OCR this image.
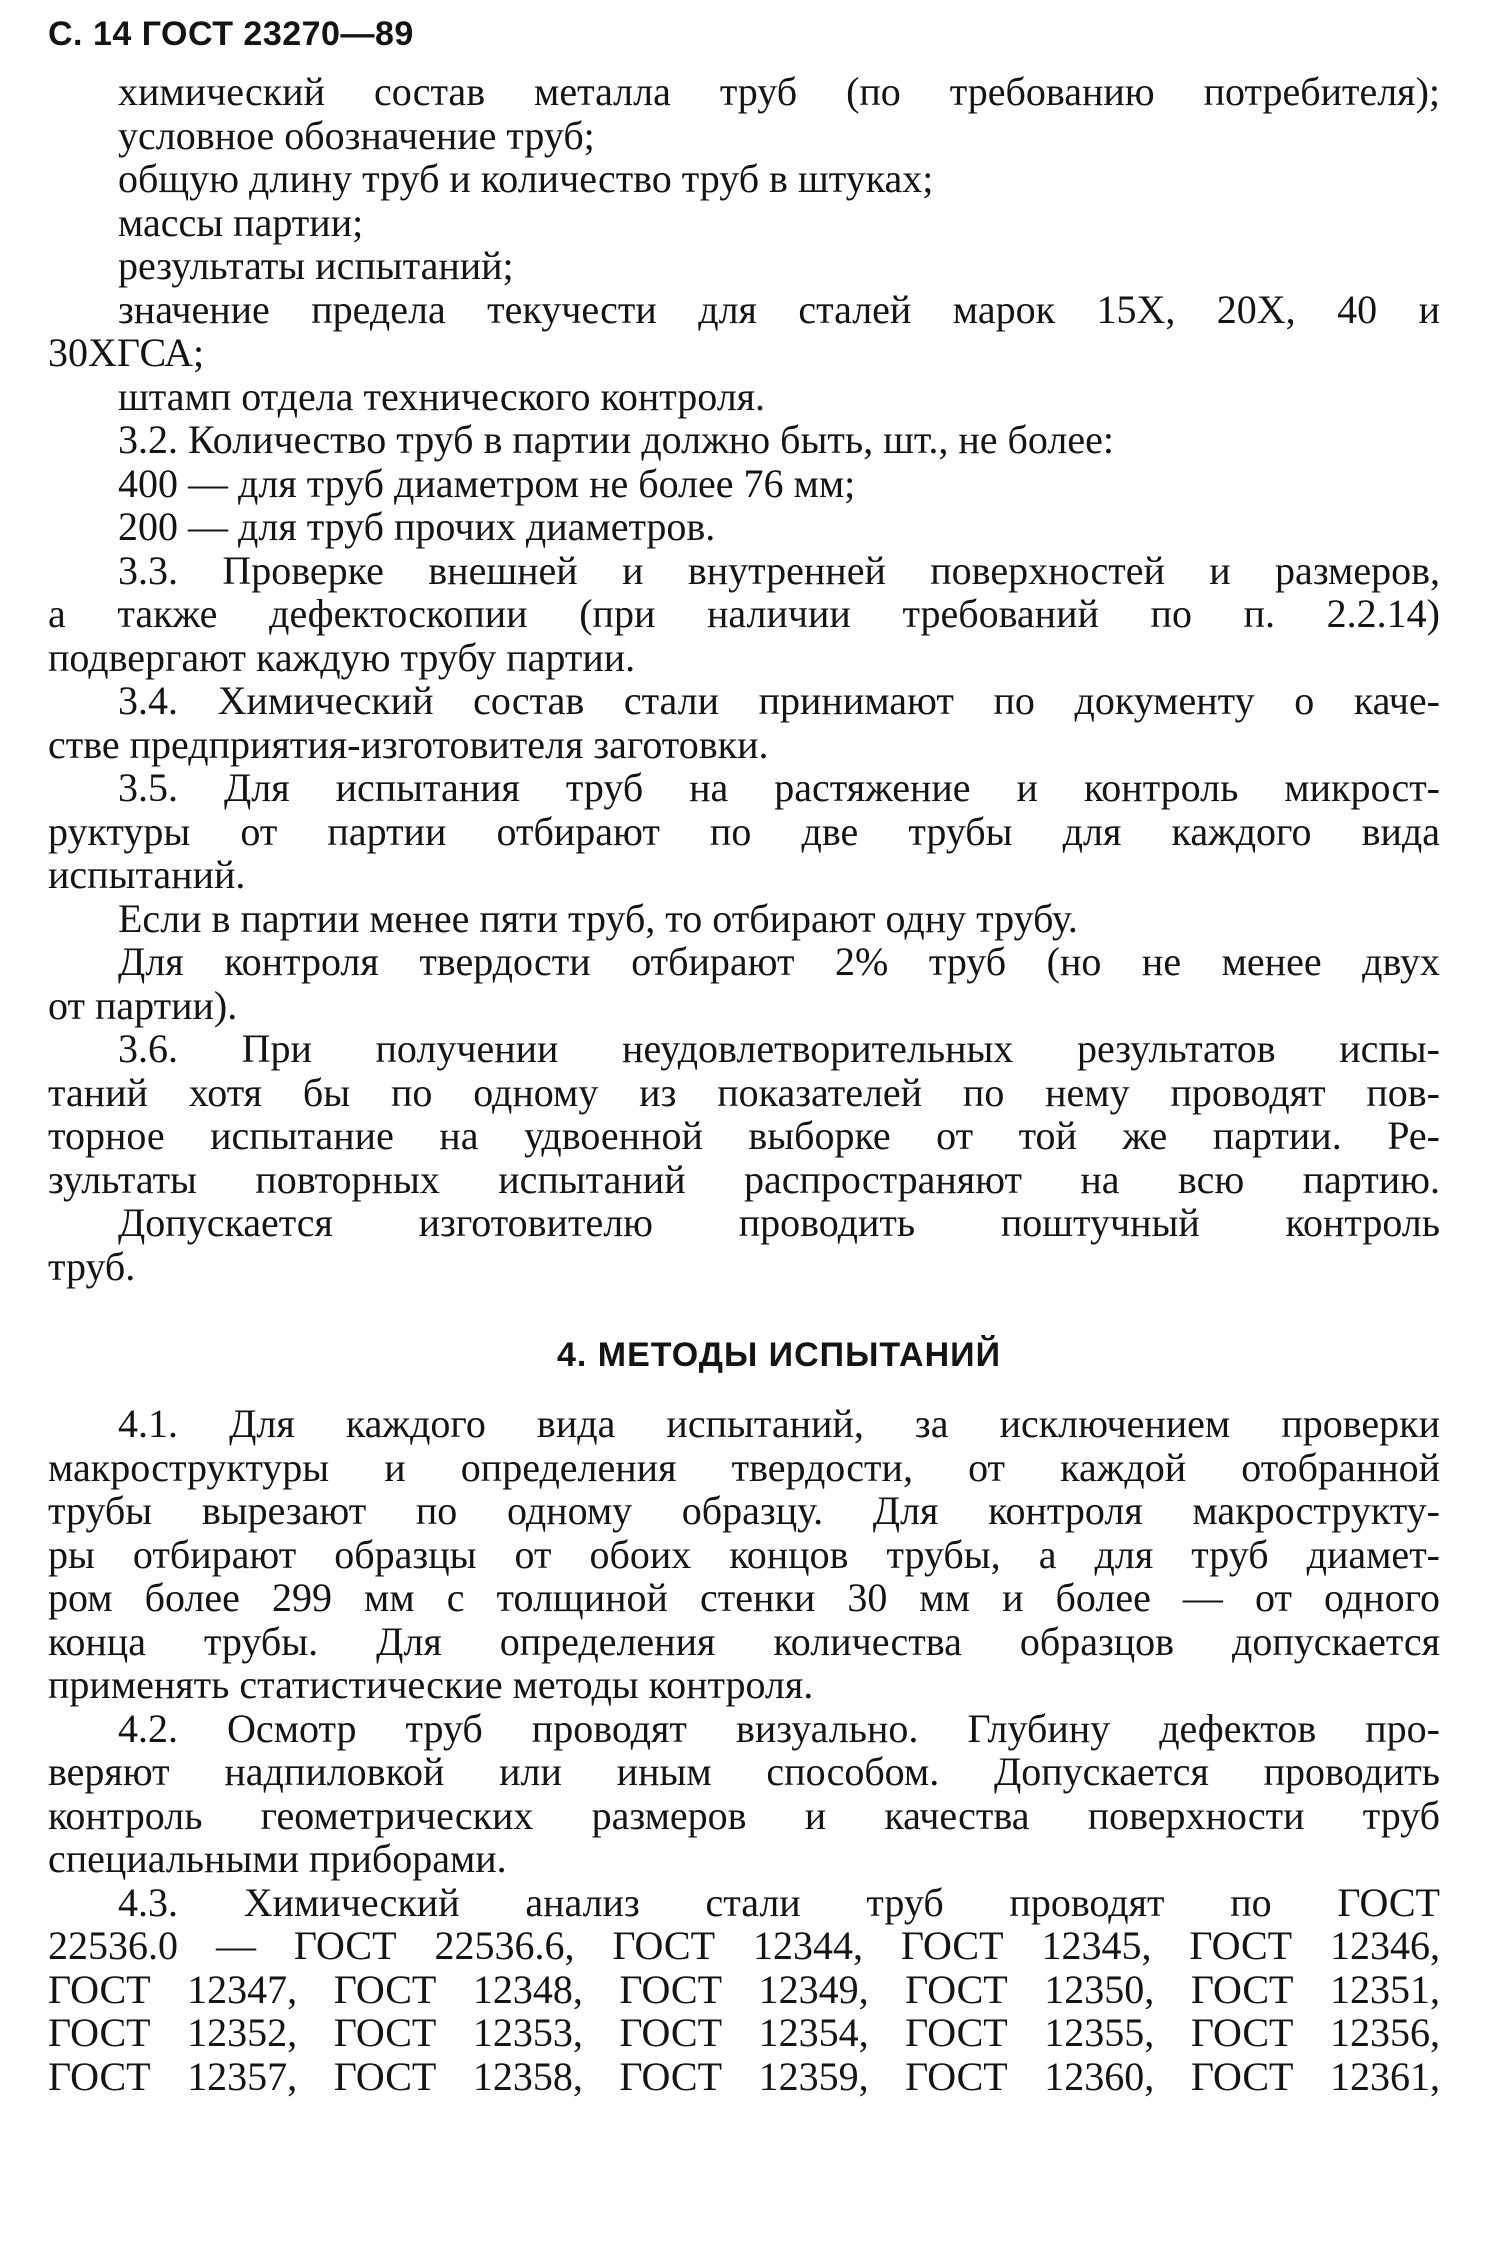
С. 14 ГОСТ 23270—89
химический состав металла труб (по требованию потребителя);
условное обозначение труб;
общую длину труб и количество труб в штуках;
массы партии;
результаты испытаний;
значение предела текучести для сталей марок 15Х, 20Х, 40 и
30ХГСА;
штамп отдела технического контроля.
3.2. Количество труб в партии должно быть, шт., не более:
400 — для труб диаметром не более 76 мм;
200 — для труб прочих диаметров.
3.3. Проверке внешней и внутренней поверхностей и размеров,
а также дефектоскопии (при наличии требований по п. 2.2.14)
подвергают каждую трубу партии.
3.4. Химический состав стали принимают по документу о каче-
стве предприятия-изготовителя заготовки.
3.5. Для испытания труб на растяжение и контроль микрост-
руктуры от партии отбирают по две трубы для каждого вида
испытаний.
Если в партии менее пяти труб, то отбирают одну трубу.
Для контроля твердости отбирают 2% труб (но не менее двух
от партии).
3.6. При получении неудовлетворительных результатов испы-
таний хотя бы по одному из показателей по нему проводят пов-
торное испытание на удвоенной выборке от той же партии. Ре-
зультаты повторных испытаний распространяют на всю партию.
Допускается изготовителю проводить поштучный контроль
труб.
4. МЕТОДЫ ИСПЫТАНИЙ
4.1. Для каждого вида испытаний, за исключением проверки
макроструктуры и определения твердости, от каждой отобранной
трубы вырезают по одному образцу. Для контроля макрострукту-
ры отбирают образцы от обоих концов трубы, а для труб диамет-
ром более 299 мм с толщиной стенки 30 мм и более — от одного
конца трубы. Для определения количества образцов допускается
применять статистические методы контроля.
4.2. Осмотр труб проводят визуально. Глубину дефектов про-
веряют надпиловкой или иным способом. Допускается проводить
контроль геометрических размеров и качества поверхности труб
специальными приборами.
4.3. Химический анализ стали труб проводят по ГОСТ
22536.0 — ГОСТ 22536.6, ГОСТ 12344, ГОСТ 12345, ГОСТ 12346,
ГОСТ 12347, ГОСТ 12348, ГОСТ 12349, ГОСТ 12350, ГОСТ 12351,
ГОСТ 12352, ГОСТ 12353, ГОСТ 12354, ГОСТ 12355, ГОСТ 12356,
ГОСТ 12357, ГОСТ 12358, ГОСТ 12359, ГОСТ 12360, ГОСТ 12361,
